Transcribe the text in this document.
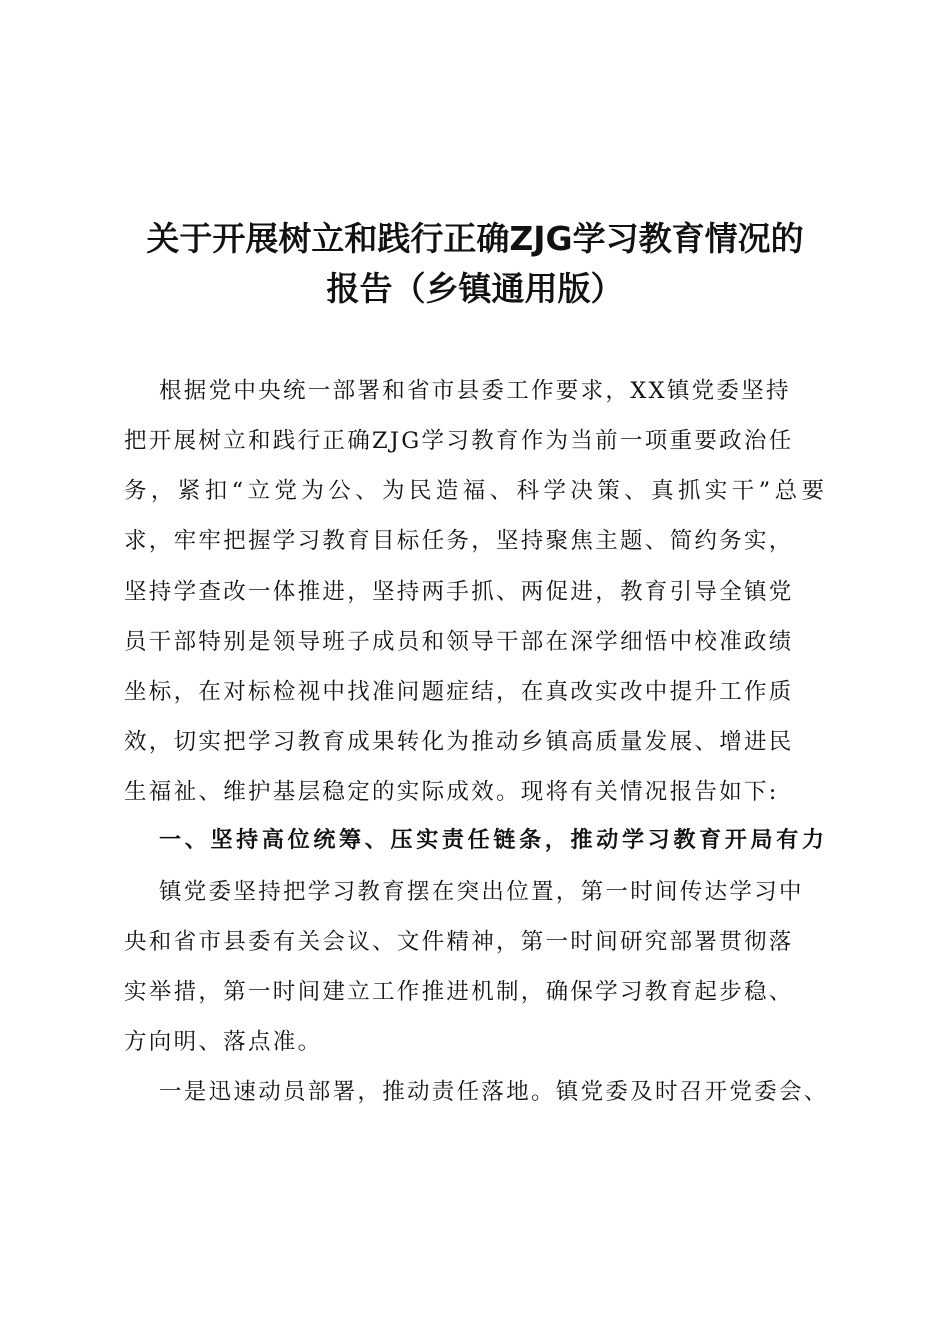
关于开展树立和践行正确ZJG学习教育情况的
报告（乡镇通用版）
根据党中央统一部署和省市县委工作要求，XX镇党委坚持
把开展树立和践行正确ZJG学习教育作为当前一项重要政治任
务，紧扣“立党为公、为民造福、科学决策、真抓实干”总要
求，牢牢把握学习教育目标任务，坚持聚焦主题、简约务实，
坚持学查改一体推进，坚持两手抓、两促进，教育引导全镇党
员干部特别是领导班子成员和领导干部在深学细悟中校准政绩
坐标，在对标检视中找准问题症结，在真改实改中提升工作质
效，切实把学习教育成果转化为推动乡镇高质量发展、增进民
生福祉、维护基层稳定的实际成效。现将有关情况报告如下:
一、坚持高位统筹、压实责任链条，推动学习教育开局有力
镇党委坚持把学习教育摆在突出位置，第一时间传达学习中
央和省市县委有关会议、文件精神，第一时间研究部署贯彻落
实举措，第一时间建立工作推进机制，确保学习教育起步稳、
方向明、落点准。
一是迅速动员部署，推动责任落地。镇党委及时召开党委会、
